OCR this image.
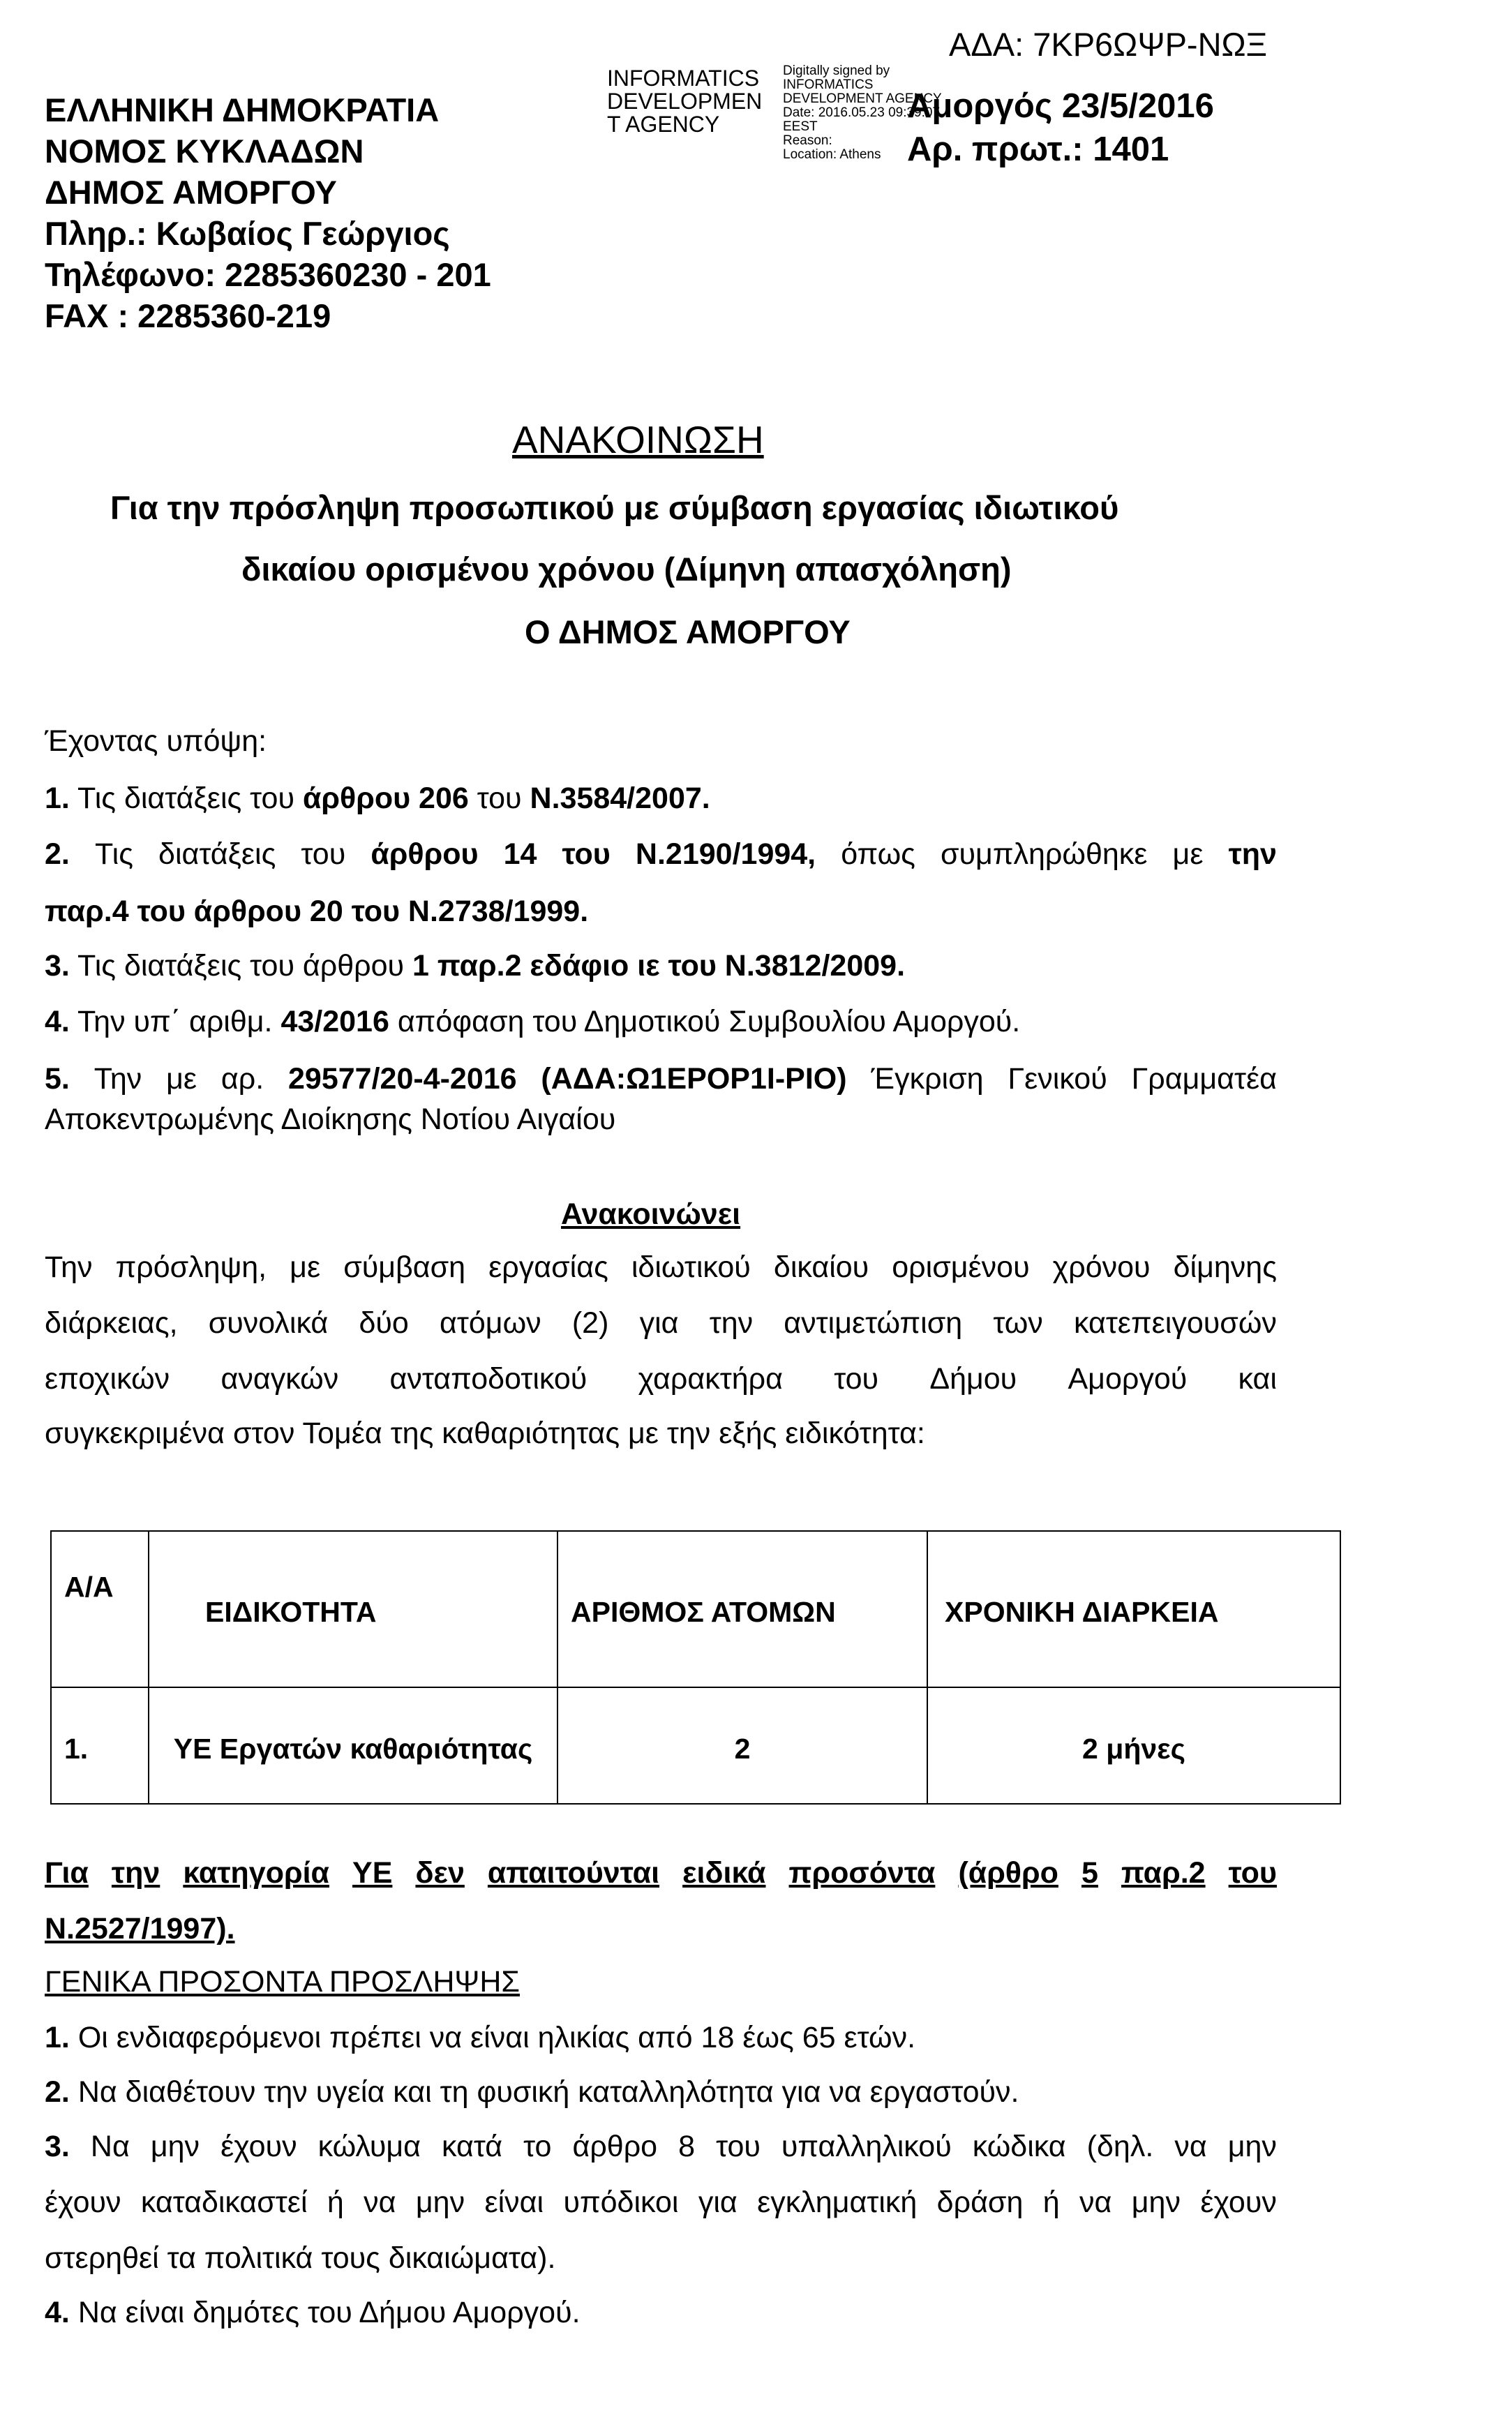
ΕΛΛΗΝΙΚΗ ΔΗΜΟΚΡΑΤΙΑ
ΝΟΜΟΣ ΚΥΚΛΑΔΩΝ
ΔΗΜΟΣ ΑΜΟΡΓΟΥ
Πληρ.: Κωβαίος Γεώργιος
Τηλέφωνο: 2285360230 - 201
FAX : 2285360-219
ΑΔΑ: 7ΚΡ6ΩΨΡ-ΝΩΞ
INFORMATICS
DEVELOPMEN
T AGENCY
Digitally signed by
INFORMATICS
DEVELOPMENT AGENCY
Date: 2016.05.23 09:39:07
EEST
Reason:
Location: Athens
Αμοργός 23/5/2016
Αρ. πρωτ.: 1401
ΑΝΑΚΟΙΝΩΣΗ
Για την πρόσληψη προσωπικού με σύμβαση εργασίας ιδιωτικού
δικαίου ορισμένου χρόνου (Δίμηνη απασχόληση)
Ο ΔΗΜΟΣ ΑΜΟΡΓΟΥ
Έχοντας υπόψη:
1. Τις διατάξεις του άρθρου 206 του Ν.3584/2007.
2. Τις διατάξεις του άρθρου 14 του Ν.2190/1994, όπως συμπληρώθηκε με την
παρ.4 του άρθρου 20 του Ν.2738/1999.
3. Τις διατάξεις του άρθρου 1 παρ.2 εδάφιο ιε του Ν.3812/2009.
4. Την υπ΄ αριθμ. 43/2016 απόφαση του Δημοτικού Συμβουλίου Αμοργού.
5. Την με αρ. 29577/20-4-2016 (ΑΔΑ:Ω1ΕΡΟΡ1Ι-ΡΙΟ) Έγκριση Γενικού Γραμματέα
Αποκεντρωμένης Διοίκησης Νοτίου Αιγαίου
Ανακοινώνει
Την πρόσληψη, με σύμβαση εργασίας ιδιωτικού δικαίου ορισμένου χρόνου δίμηνης
διάρκειας, συνολικά δύο ατόμων (2) για την αντιμετώπιση των κατεπειγουσών
εποχικών αναγκών ανταποδοτικού χαρακτήρα του Δήμου Αμοργού και
συγκεκριμένα στον Τομέα της καθαριότητας με την εξής ειδικότητα:
Α/Α	ΕΙΔΙΚΟΤΗΤΑ	ΑΡΙΘΜΟΣ ΑΤΟΜΩΝ	ΧΡΟΝΙΚΗ ΔΙΑΡΚΕΙΑ
1.	ΥΕ Εργατών καθαριότητας	2	2 μήνες
Για την κατηγορία ΥΕ δεν απαιτούνται ειδικά προσόντα (άρθρο 5 παρ.2 του
Ν.2527/1997).
ΓΕΝΙΚΑ ΠΡΟΣΟΝΤΑ ΠΡΟΣΛΗΨΗΣ
1. Οι ενδιαφερόμενοι πρέπει να είναι ηλικίας από 18 έως 65 ετών.
2. Να διαθέτουν την υγεία και τη φυσική καταλληλότητα για να εργαστούν.
3. Να μην έχουν κώλυμα κατά το άρθρο 8 του υπαλληλικού κώδικα (δηλ. να μην
έχουν καταδικαστεί ή να μην είναι υπόδικοι για εγκληματική δράση ή να μην έχουν
στερηθεί τα πολιτικά τους δικαιώματα).
4. Να είναι δημότες του Δήμου Αμοργού.
